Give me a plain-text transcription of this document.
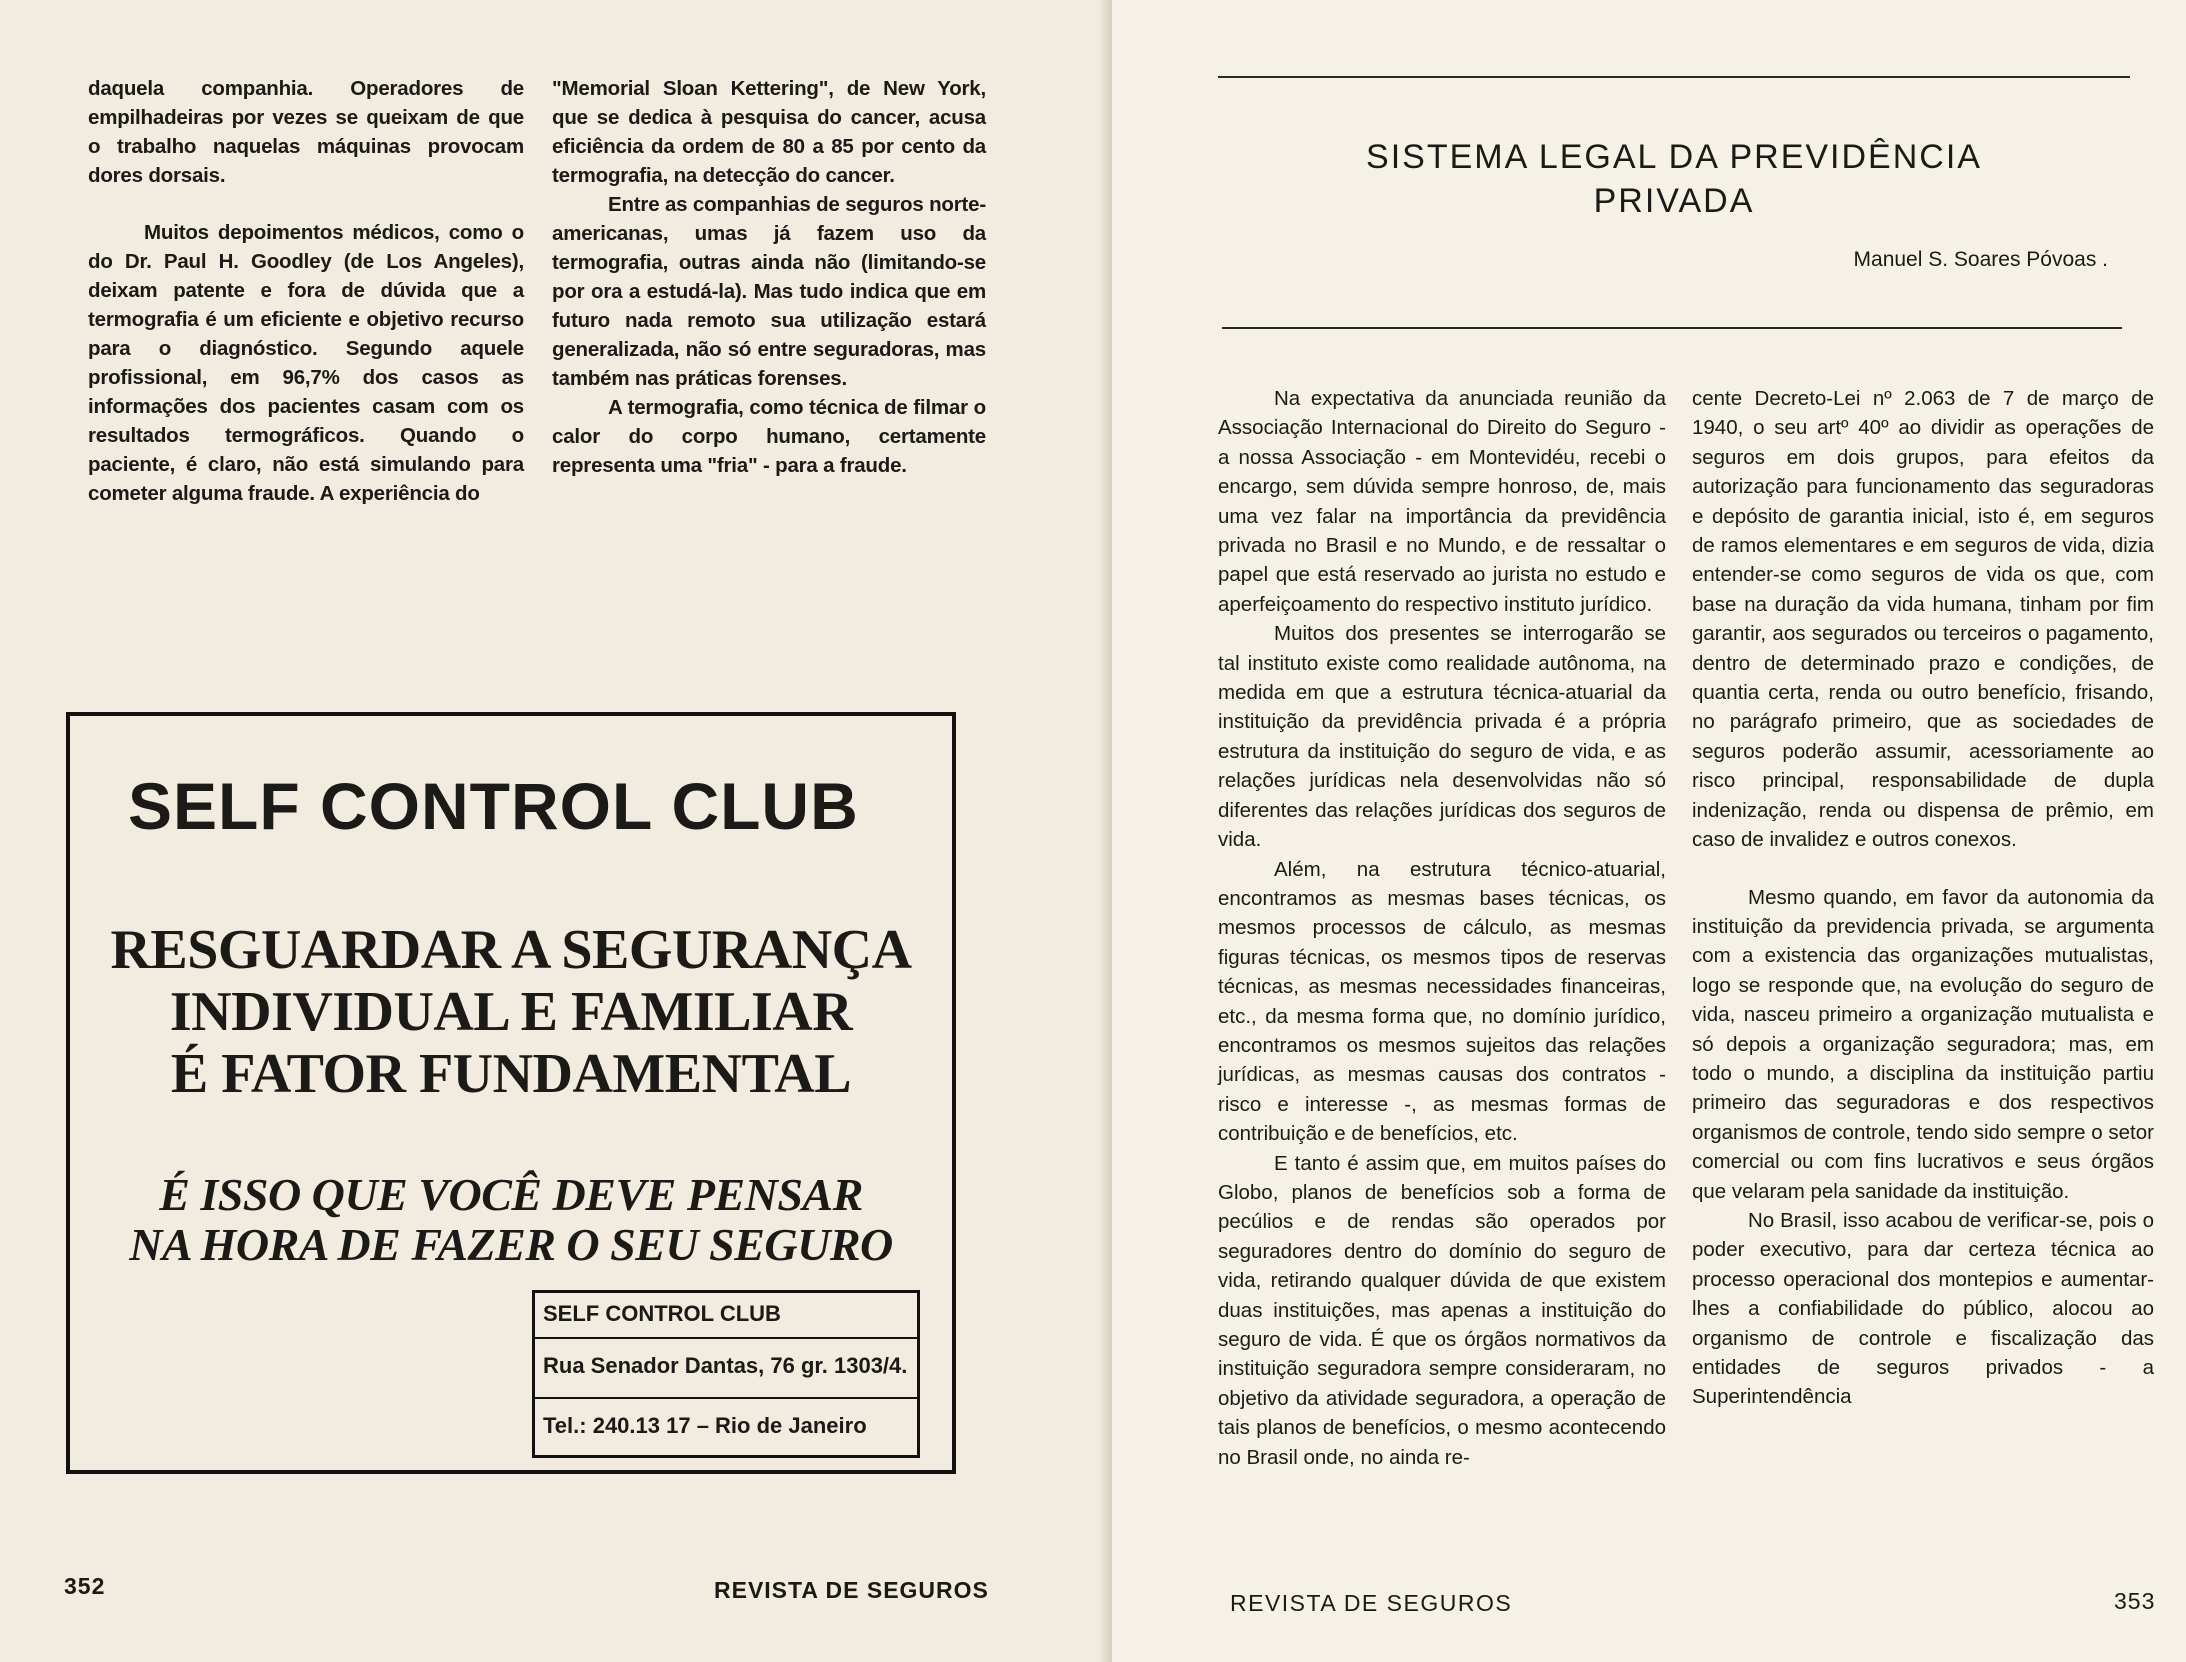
daquela companhia. Operadores de empilhadeiras por vezes se queixam de que o trabalho naquelas máquinas provocam dores dorsais.

Muitos depoimentos médicos, como o do Dr. Paul H. Goodley (de Los Angeles), deixam patente e fora de dúvida que a termografia é um eficiente e objetivo recurso para o diagnóstico. Segundo aquele profissional, em 96,7% dos casos as informações dos pacientes casam com os resultados termográficos. Quando o paciente, é claro, não está simulando para cometer alguma fraude. A experiência do

"Memorial Sloan Kettering", de New York, que se dedica à pesquisa do cancer, acusa eficiência da ordem de 80 a 85 por cento da termografia, na detecção do cancer.

Entre as companhias de seguros norte-americanas, umas já fazem uso da termografia, outras ainda não (limitando-se por ora a estudá-la). Mas tudo indica que em futuro nada remoto sua utilização estará generalizada, não só entre seguradoras, mas também nas práticas forenses.

A termografia, como técnica de filmar o calor do corpo humano, certamente representa uma "fria" - para a fraude.

SELF CONTROL CLUB

RESGUARDAR A SEGURANÇA

INDIVIDUAL E FAMILIAR

É FATOR FUNDAMENTAL

É ISSO QUE VOCÊ DEVE PENSAR

NA HORA DE FAZER O SEU SEGURO

SELF CONTROL CLUB
Rua Senador Dantas, 76 gr. 1303/4.
Tel.: 240.13 17 – Rio de Janeiro

352	REVISTA DE SEGUROS

SISTEMA LEGAL DA PREVIDÊNCIA
PRIVADA

Manuel S. Soares Póvoas .

Na expectativa da anunciada reunião da Associação Internacional do Direito do Seguro - a nossa Associação - em Montevidéu, recebi o encargo, sem dúvida sempre honroso, de, mais uma vez falar na importância da previdência privada no Brasil e no Mundo, e de ressaltar o papel que está reservado ao jurista no estudo e aperfeiçoamento do respectivo instituto jurídico.

Muitos dos presentes se interrogarão se tal instituto existe como realidade autônoma, na medida em que a estrutura técnica-atuarial da instituição da previdência privada é a própria estrutura da instituição do seguro de vida, e as relações jurídicas nela desenvolvidas não só diferentes das relações jurídicas dos seguros de vida.

Além, na estrutura técnico-atuarial, encontramos as mesmas bases técnicas, os mesmos processos de cálculo, as mesmas figuras técnicas, os mesmos tipos de reservas técnicas, as mesmas necessidades financeiras, etc., da mesma forma que, no domínio jurídico, encontramos os mesmos sujeitos das relações jurídicas, as mesmas causas dos contratos - risco e interesse -, as mesmas formas de contribuição e de benefícios, etc.

E tanto é assim que, em muitos países do Globo, planos de benefícios sob a forma de pecúlios e de rendas são operados por seguradores dentro do domínio do seguro de vida, retirando qualquer dúvida de que existem duas instituições, mas apenas a instituição do seguro de vida. É que os órgãos normativos da instituição seguradora sempre consideraram, no objetivo da atividade seguradora, a operação de tais planos de benefícios, o mesmo acontecendo no Brasil onde, no ainda re-

cente Decreto-Lei nº 2.063 de 7 de março de 1940, o seu artº 40º ao dividir as operações de seguros em dois grupos, para efeitos da autorização para funcionamento das seguradoras e depósito de garantia inicial, isto é, em seguros de ramos elementares e em seguros de vida, dizia entender-se como seguros de vida os que, com base na duração da vida humana, tinham por fim garantir, aos segurados ou terceiros o pagamento, dentro de determinado prazo e condições, de quantia certa, renda ou outro benefício, frisando, no parágrafo primeiro, que as sociedades de seguros poderão assumir, acessoriamente ao risco principal, responsabilidade de dupla indenização, renda ou dispensa de prêmio, em caso de invalidez e outros conexos.

Mesmo quando, em favor da autonomia da instituição da previdencia privada, se argumenta com a existencia das organizações mutualistas, logo se responde que, na evolução do seguro de vida, nasceu primeiro a organização mutualista e só depois a organização seguradora; mas, em todo o mundo, a disciplina da instituição partiu primeiro das seguradoras e dos respectivos organismos de controle, tendo sido sempre o setor comercial ou com fins lucrativos e seus órgãos que velaram pela sanidade da instituição.

No Brasil, isso acabou de verificar-se, pois o poder executivo, para dar certeza técnica ao processo operacional dos montepios e aumentar-lhes a confiabilidade do público, alocou ao organismo de controle e fiscalização das entidades de seguros privados - a Superintendência

REVISTA DE SEGUROS	353
